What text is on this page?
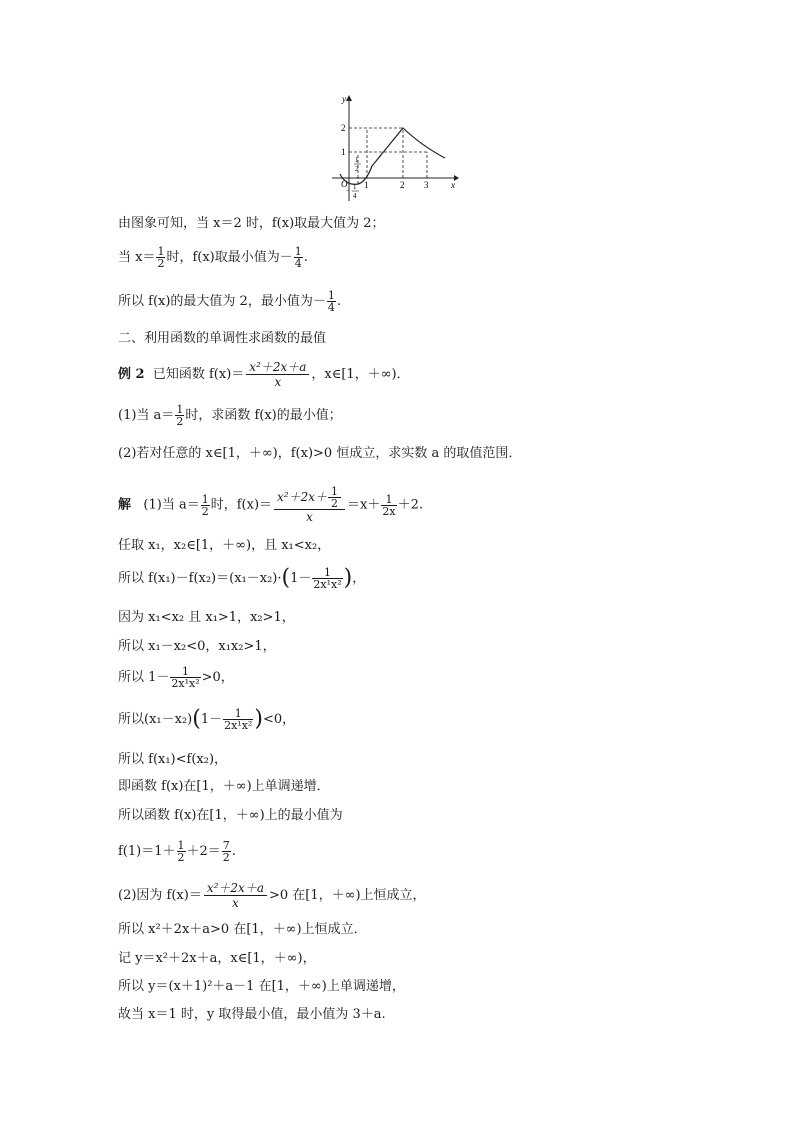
y
x
O
2
1
1	2 3
1
2
− 1
4
由图象可知，当 x＝2 时，f(x)取最大值为 2；
当 $x= \frac{1}{2}$ 时，f(x)取最小值为－ $\frac{1}{4}$ .
所以 f(x)的最大值为 2，最小值为－ $\frac{1}{4}$ .
二、利用函数的单调性求函数的最值
例 2 已知函数 $f(x)= \frac{\text{x²＋2x＋a}}{x}$ ，x∈[1，＋∞)．
(1)当 $a= \frac{1}{2}$ 时，求函数 f(x)的最小值；
(2)若对任意的 x∈[1，＋∞)，f(x)>0 恒成立，求实数 a 的取值范围．
解 (1)当 $a= \frac{1}{2}$ 时，$f(x)= \frac{x^2+2x+ \frac{1}{2}}{x} =x+ \frac{1}{2x} +2$.
任取 x₁，x₂∈[1，＋∞)，且 x₁<x₂，
所以 $f(x_1)-f(x_2)=(x_1-x_2)\cdot(1- \frac{1}{\text{2x¹x²}}$ )，
因为 x₁<x₂ 且 x₁>1，x₂>1，
所以 x₁－x₂<0，x₁x₂>1，
所以 $1- \frac{1}{\text{2x¹x²}} >0$，
所以$(x_1-x_2)(1- \frac{1}{\text{2x¹x²}} )<0$，
所以 f(x₁)<f(x₂)，
即函数 f(x)在[1，＋∞)上单调递增．
所以函数 f(x)在[1，＋∞)上的最小值为
$f(1)=1+ \frac{1}{2} +2= \frac{7}{2}$ .
(2)因为 $f(x)= \frac{\text{x²＋2x＋a}}{x} >0$ 在[1，＋∞)上恒成立，
所以 x²＋2x＋a>0 在[1，＋∞)上恒成立．
记 y＝x²＋2x＋a，x∈[1，＋∞)，
所以 y＝(x＋1)²＋a－1 在[1，＋∞)上单调递增，
故当 x＝1 时，y 取得最小值，最小值为 3＋a.
